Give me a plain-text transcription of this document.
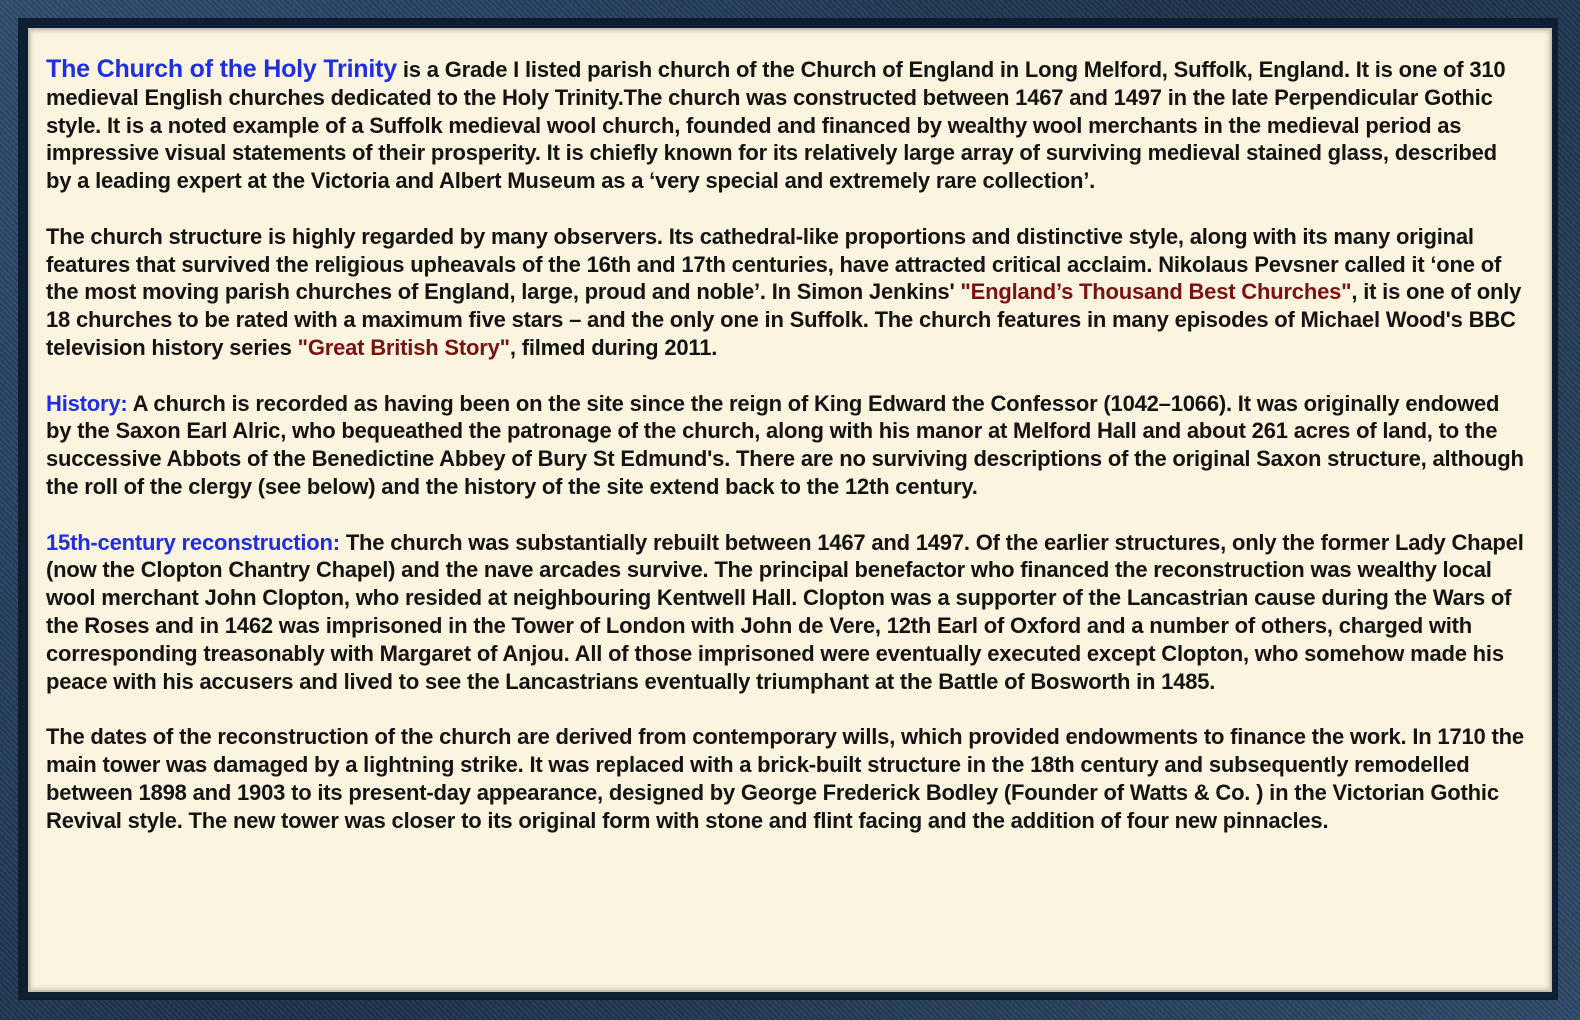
The Church of the Holy Trinity is a Grade I listed parish church of the Church of England in Long Melford, Suffolk, England. It is one of 310 medieval English churches dedicated to the Holy Trinity.The church was constructed between 1467 and 1497 in the late Perpendicular Gothic style. It is a noted example of a Suffolk medieval wool church, founded and financed by wealthy wool merchants in the medieval period as impressive visual statements of their prosperity. It is chiefly known for its relatively large array of surviving medieval stained glass, described by a leading expert at the Victoria and Albert Museum as a ‘very special and extremely rare collection’.

The church structure is highly regarded by many observers. Its cathedral-like proportions and distinctive style, along with its many original features that survived the religious upheavals of the 16th and 17th centuries, have attracted critical acclaim. Nikolaus Pevsner called it ‘one of the most moving parish churches of England, large, proud and noble’. In Simon Jenkins' "England’s Thousand Best Churches", it is one of only 18 churches to be rated with a maximum five stars – and the only one in Suffolk. The church features in many episodes of Michael Wood's BBC television history series "Great British Story", filmed during 2011.

History: A church is recorded as having been on the site since the reign of King Edward the Confessor (1042–1066). It was originally endowed by the Saxon Earl Alric, who bequeathed the patronage of the church, along with his manor at Melford Hall and about 261 acres of land, to the successive Abbots of the Benedictine Abbey of Bury St Edmund's. There are no surviving descriptions of the original Saxon structure, although the roll of the clergy (see below) and the history of the site extend back to the 12th century.

15th-century reconstruction: The church was substantially rebuilt between 1467 and 1497. Of the earlier structures, only the former Lady Chapel (now the Clopton Chantry Chapel) and the nave arcades survive. The principal benefactor who financed the reconstruction was wealthy local wool merchant John Clopton, who resided at neighbouring Kentwell Hall. Clopton was a supporter of the Lancastrian cause during the Wars of the Roses and in 1462 was imprisoned in the Tower of London with John de Vere, 12th Earl of Oxford and a number of others, charged with corresponding treasonably with Margaret of Anjou. All of those imprisoned were eventually executed except Clopton, who somehow made his peace with his accusers and lived to see the Lancastrians eventually triumphant at the Battle of Bosworth in 1485.

The dates of the reconstruction of the church are derived from contemporary wills, which provided endowments to finance the work. In 1710 the main tower was damaged by a lightning strike. It was replaced with a brick-built structure in the 18th century and subsequently remodelled between 1898 and 1903 to its present-day appearance, designed by George Frederick Bodley (Founder of Watts & Co. ) in the Victorian Gothic Revival style. The new tower was closer to its original form with stone and flint facing and the addition of four new pinnacles.
